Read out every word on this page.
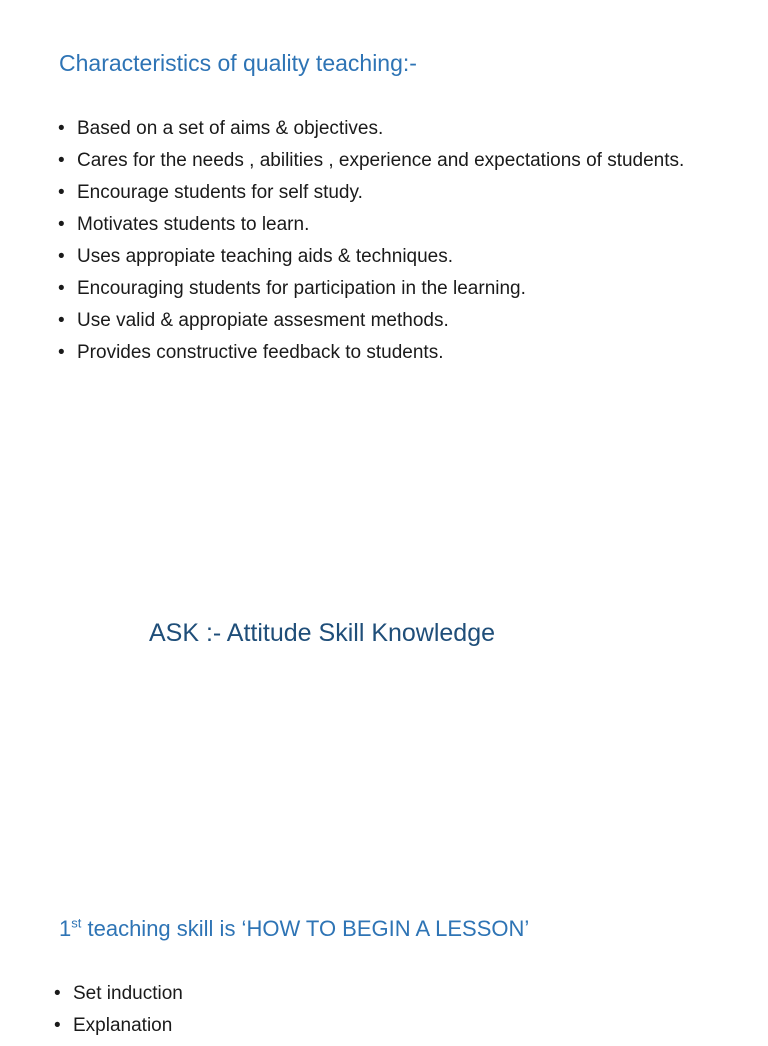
Characteristics of quality teaching:-
• Based on a set of aims & objectives.
• Cares for the needs , abilities , experience and expectations of students.
• Encourage students for self study.
• Motivates students to learn.
• Uses appropiate teaching aids & techniques.
• Encouraging students for participation in the learning.
• Use valid & appropiate assesment methods.
• Provides constructive feedback to students.
ASK :- Attitude Skill Knowledge
1st teaching skill is ‘HOW TO BEGIN A LESSON’
• Set induction
• Explanation
